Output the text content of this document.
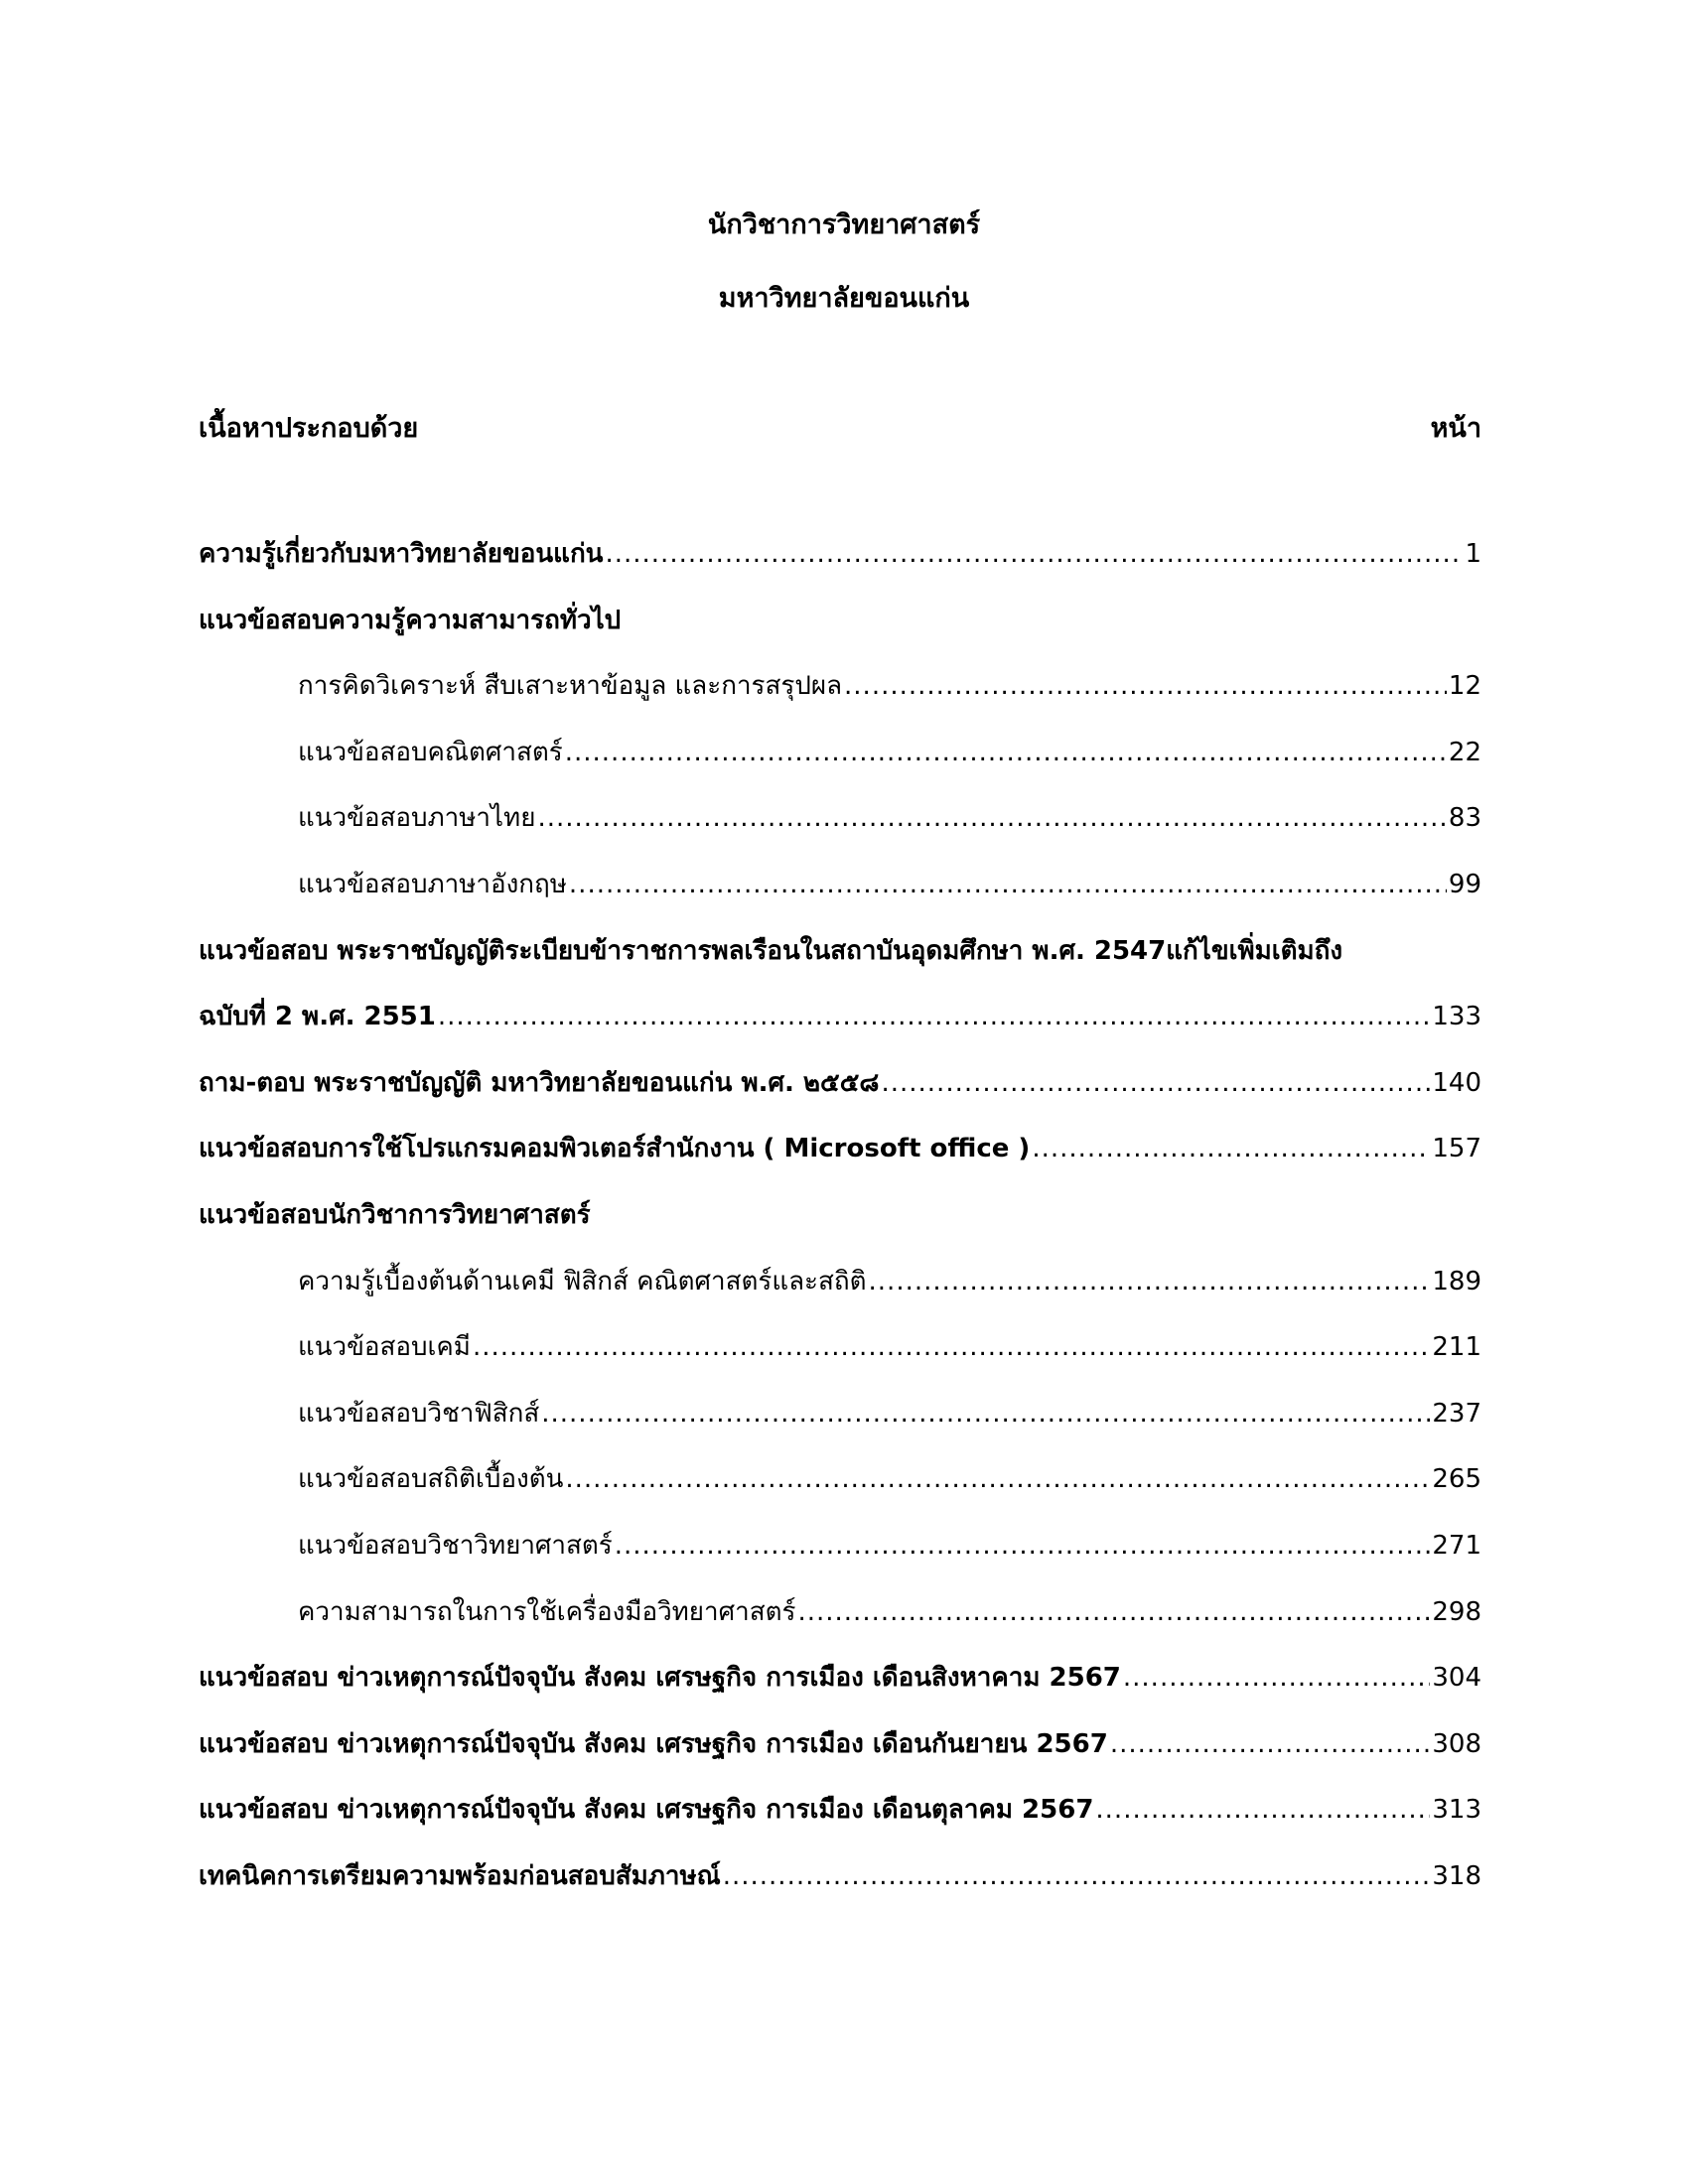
นักวิชาการวิทยาศาสตร์
มหาวิทยาลัยขอนแก่น
เนื้อหาประกอบด้วย	หน้า
ความรู้เกี่ยวกับมหาวิทยาลัยขอนแก่น .....	1
แนวข้อสอบความรู้ความสามารถทั่วไป
การคิดวิเคราะห์ สืบเสาะหาข้อมูล และการสรุปผล .....	12
แนวข้อสอบคณิตศาสตร์ .....	22
แนวข้อสอบภาษาไทย .....	83
แนวข้อสอบภาษาอังกฤษ .....	99
แนวข้อสอบ พระราชบัญญัติระเบียบข้าราชการพลเรือนในสถาบันอุดมศึกษา พ.ศ. 2547แก้ไขเพิ่มเติมถึง
ฉบับที่ 2 พ.ศ. 2551 .....	133
ถาม-ตอบ พระราชบัญญัติ มหาวิทยาลัยขอนแก่น พ.ศ. ๒๕๕๘ .....	140
แนวข้อสอบการใช้โปรแกรมคอมพิวเตอร์สำนักงาน ( Microsoft office ) .....	157
แนวข้อสอบนักวิชาการวิทยาศาสตร์
ความรู้เบื้องต้นด้านเคมี ฟิสิกส์ คณิตศาสตร์และสถิติ .....	189
แนวข้อสอบเคมี .....	211
แนวข้อสอบวิชาฟิสิกส์ .....	237
แนวข้อสอบสถิติเบื้องต้น .....	265
แนวข้อสอบวิชาวิทยาศาสตร์ .....	271
ความสามารถในการใช้เครื่องมือวิทยาศาสตร์ .....	298
แนวข้อสอบ ข่าวเหตุการณ์ปัจจุบัน สังคม เศรษฐกิจ การเมือง เดือนสิงหาคาม 2567 .....	304
แนวข้อสอบ ข่าวเหตุการณ์ปัจจุบัน สังคม เศรษฐกิจ การเมือง เดือนกันยายน 2567 .....	308
แนวข้อสอบ ข่าวเหตุการณ์ปัจจุบัน สังคม เศรษฐกิจ การเมือง เดือนตุลาคม 2567 .....	313
เทคนิคการเตรียมความพร้อมก่อนสอบสัมภาษณ์ .....	318
